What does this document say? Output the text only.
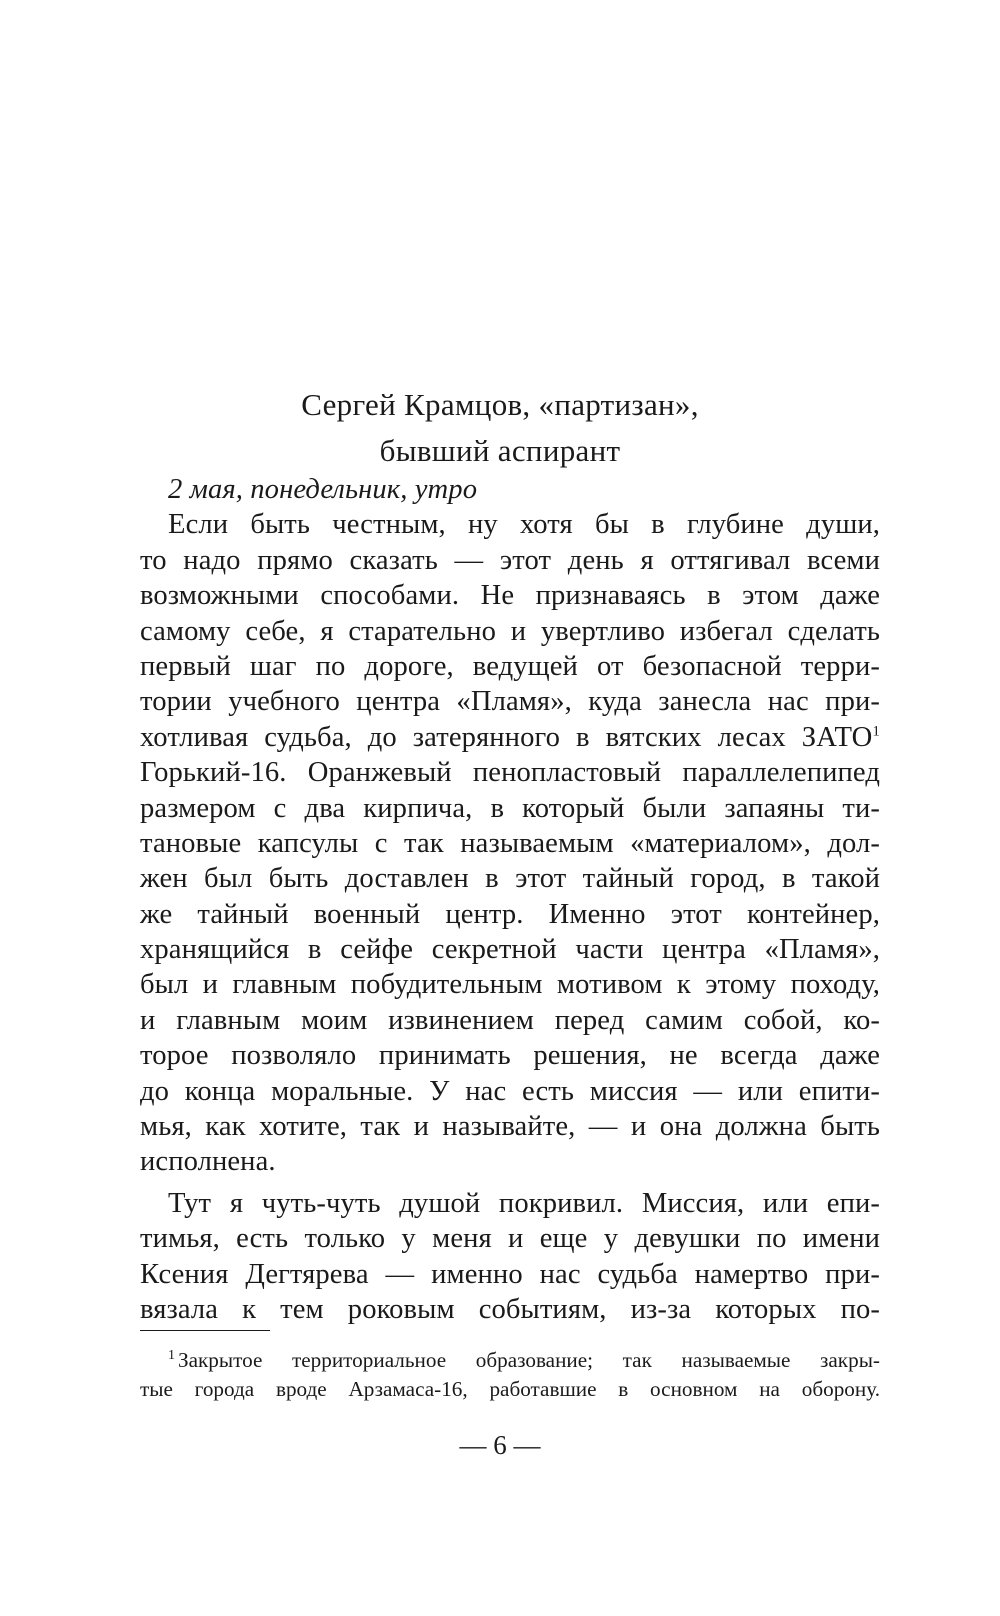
Сергей Крамцов, «партизан»,
бывший аспирант
2 мая, понедельник, утро
Если быть честным, ну хотя бы в глубине души,
то надо прямо сказать — этот день я оттягивал всеми
возможными способами. Не признаваясь в этом даже
самому себе, я старательно и увертливо избегал сделать
первый шаг по дороге, ведущей от безопасной терри-
тории учебного центра «Пламя», куда занесла нас при-
хотливая судьба, до затерянного в вятских лесах ЗАТО$^1$
Горький-16. Оранжевый пенопластовый параллелепипед
размером с два кирпича, в который были запаяны ти-
тановые капсулы с так называемым «материалом», дол-
жен был быть доставлен в этот тайный город, в такой
же тайный военный центр. Именно этот контейнер,
хранящийся в сейфе секретной части центра «Пламя»,
был и главным побудительным мотивом к этому походу,
и главным моим извинением перед самим собой, ко-
торое позволяло принимать решения, не всегда даже
до конца моральные. У нас есть миссия — или епити-
мья, как хотите, так и называйте, — и она должна быть
исполнена.
Тут я чуть-чуть душой покривил. Миссия, или епи-
тимья, есть только у меня и еще у девушки по имени
Ксения Дегтярева — именно нас судьба намертво при-
вязала к тем роковым событиям, из-за которых по-
$^1$ Закрытое территориальное образование; так называемые закры-
тые города вроде Арзамаса-16, работавшие в основном на оборону.
— 6 —
